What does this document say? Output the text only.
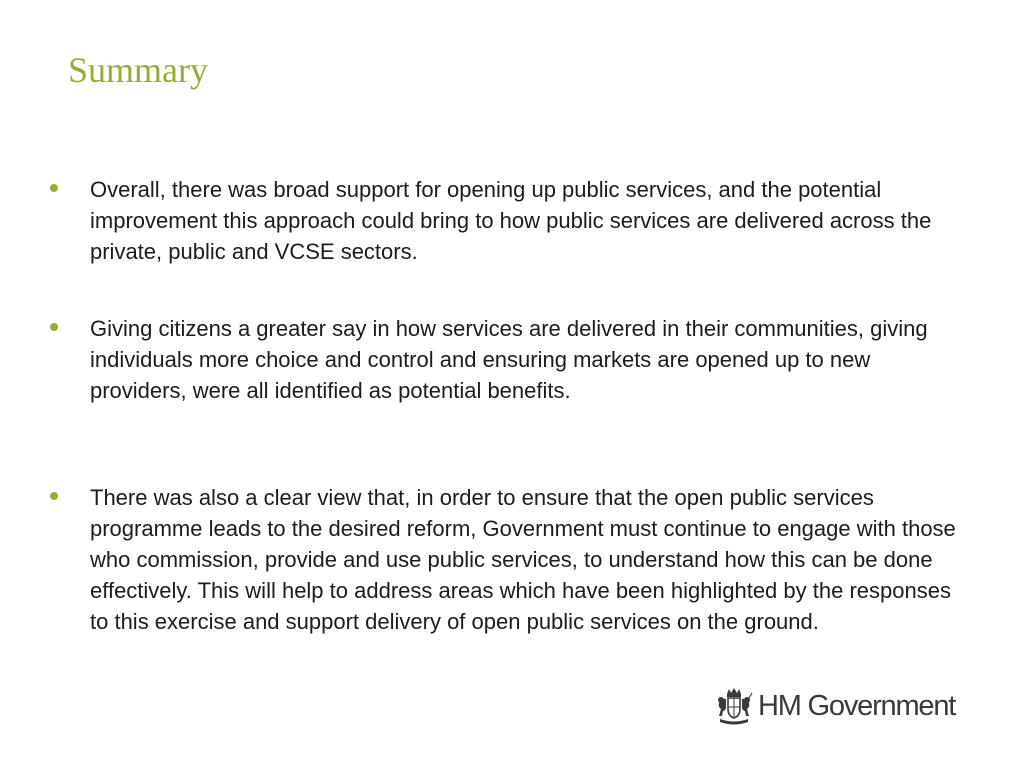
Summary

Overall, there was broad support for opening up public services, and the potential improvement this approach could bring to how public services are delivered across the private, public and VCSE sectors.

Giving citizens a greater say in how services are delivered in their communities, giving individuals more choice and control and ensuring markets are opened up to new providers, were all identified as potential benefits.

There was also a clear view that, in order to ensure that the open public services programme leads to the desired reform, Government must continue to engage with those who commission, provide and use public services, to understand how this can be done effectively. This will help to address areas which have been highlighted by the responses to this exercise and support delivery of open public services on the ground.

HM Government
